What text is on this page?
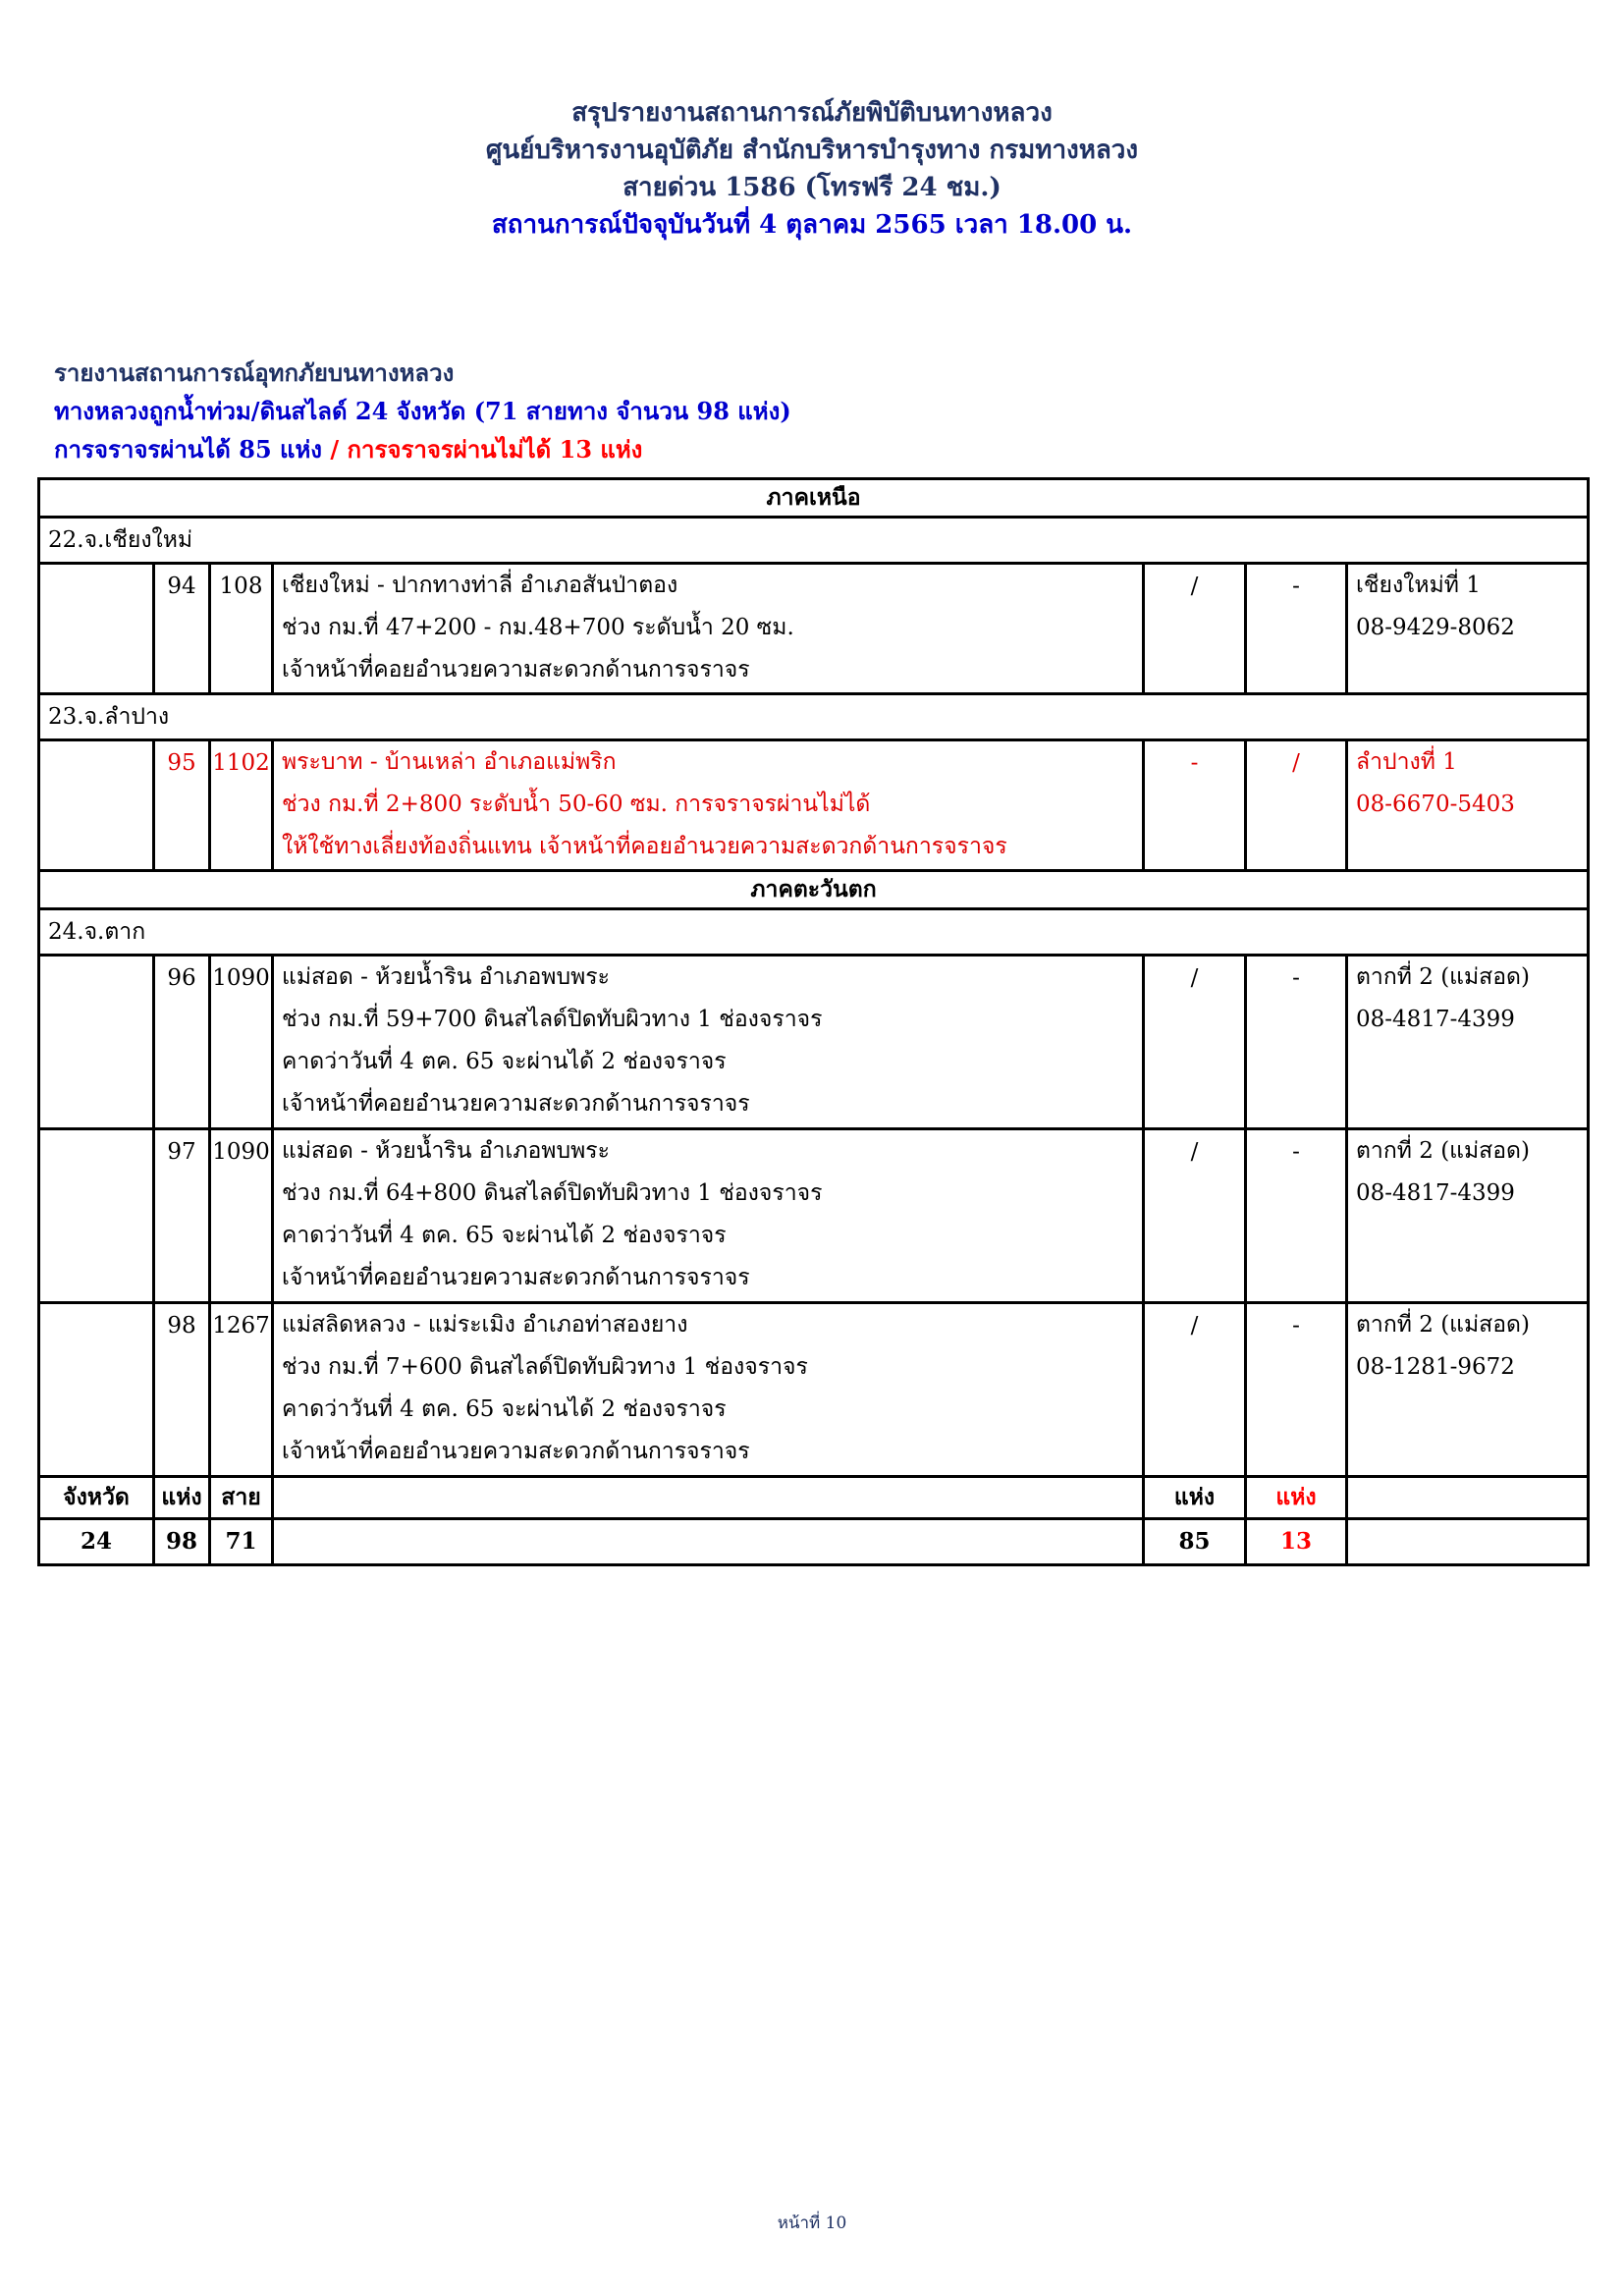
สรุปรายงานสถานการณ์ภัยพิบัติบนทางหลวง
ศูนย์บริหารงานอุบัติภัย สำนักบริหารบำรุงทาง กรมทางหลวง
สายด่วน 1586 (โทรฟรี 24 ชม.)
สถานการณ์ปัจจุบันวันที่ 4 ตุลาคม 2565 เวลา 18.00 น.
รายงานสถานการณ์อุทกภัยบนทางหลวง
ทางหลวงถูกน้ำท่วม/ดินสไลด์ 24 จังหวัด (71 สายทาง จำนวน 98 แห่ง)
การจราจรผ่านได้ 85 แห่ง / การจราจรผ่านไม่ได้ 13 แห่ง
ภาคเหนือ						
22.จ.เชียงใหม่						
	94	108	เชียงใหม่ - ปากทางท่าลี่ อำเภอสันป่าตอง
ช่วง กม.ที่ 47+200 - กม.48+700 ระดับน้ำ 20 ซม.
เจ้าหน้าที่คอยอำนวยความสะดวกด้านการจราจร
	/	-	เชียงใหม่ที่ 1
08-9429-8062

23.จ.ลำปาง						
	95	1102	พระบาท - บ้านเหล่า อำเภอแม่พริก
ช่วง กม.ที่ 2+800 ระดับน้ำ 50-60 ซม. การจราจรผ่านไม่ได้
ให้ใช้ทางเลี่ยงท้องถิ่นแทน เจ้าหน้าที่คอยอำนวยความสะดวกด้านการจราจร
	-	/	ลำปางที่ 1
08-6670-5403

ภาคตะวันตก						
24.จ.ตาก						
	96	1090	แม่สอด - ห้วยน้ำริน อำเภอพบพระ
ช่วง กม.ที่ 59+700 ดินสไลด์ปิดทับผิวทาง 1 ช่องจราจร
คาดว่าวันที่ 4 ตค. 65 จะผ่านได้ 2 ช่องจราจร
เจ้าหน้าที่คอยอำนวยความสะดวกด้านการจราจร
	/	-	ตากที่ 2 (แม่สอด)
08-4817-4399

	97	1090	แม่สอด - ห้วยน้ำริน อำเภอพบพระ
ช่วง กม.ที่ 64+800 ดินสไลด์ปิดทับผิวทาง 1 ช่องจราจร
คาดว่าวันที่ 4 ตค. 65 จะผ่านได้ 2 ช่องจราจร
เจ้าหน้าที่คอยอำนวยความสะดวกด้านการจราจร
	/	-	ตากที่ 2 (แม่สอด)
08-4817-4399

	98	1267	แม่สลิดหลวง - แม่ระเมิง อำเภอท่าสองยาง
ช่วง กม.ที่ 7+600 ดินสไลด์ปิดทับผิวทาง 1 ช่องจราจร
คาดว่าวันที่ 4 ตค. 65 จะผ่านได้ 2 ช่องจราจร
เจ้าหน้าที่คอยอำนวยความสะดวกด้านการจราจร
	/	-	ตากที่ 2 (แม่สอด)
08-1281-9672

จังหวัด	แห่ง	สาย		แห่ง	แห่ง	
24	98	71		85	13	
หน้าที่ 10
